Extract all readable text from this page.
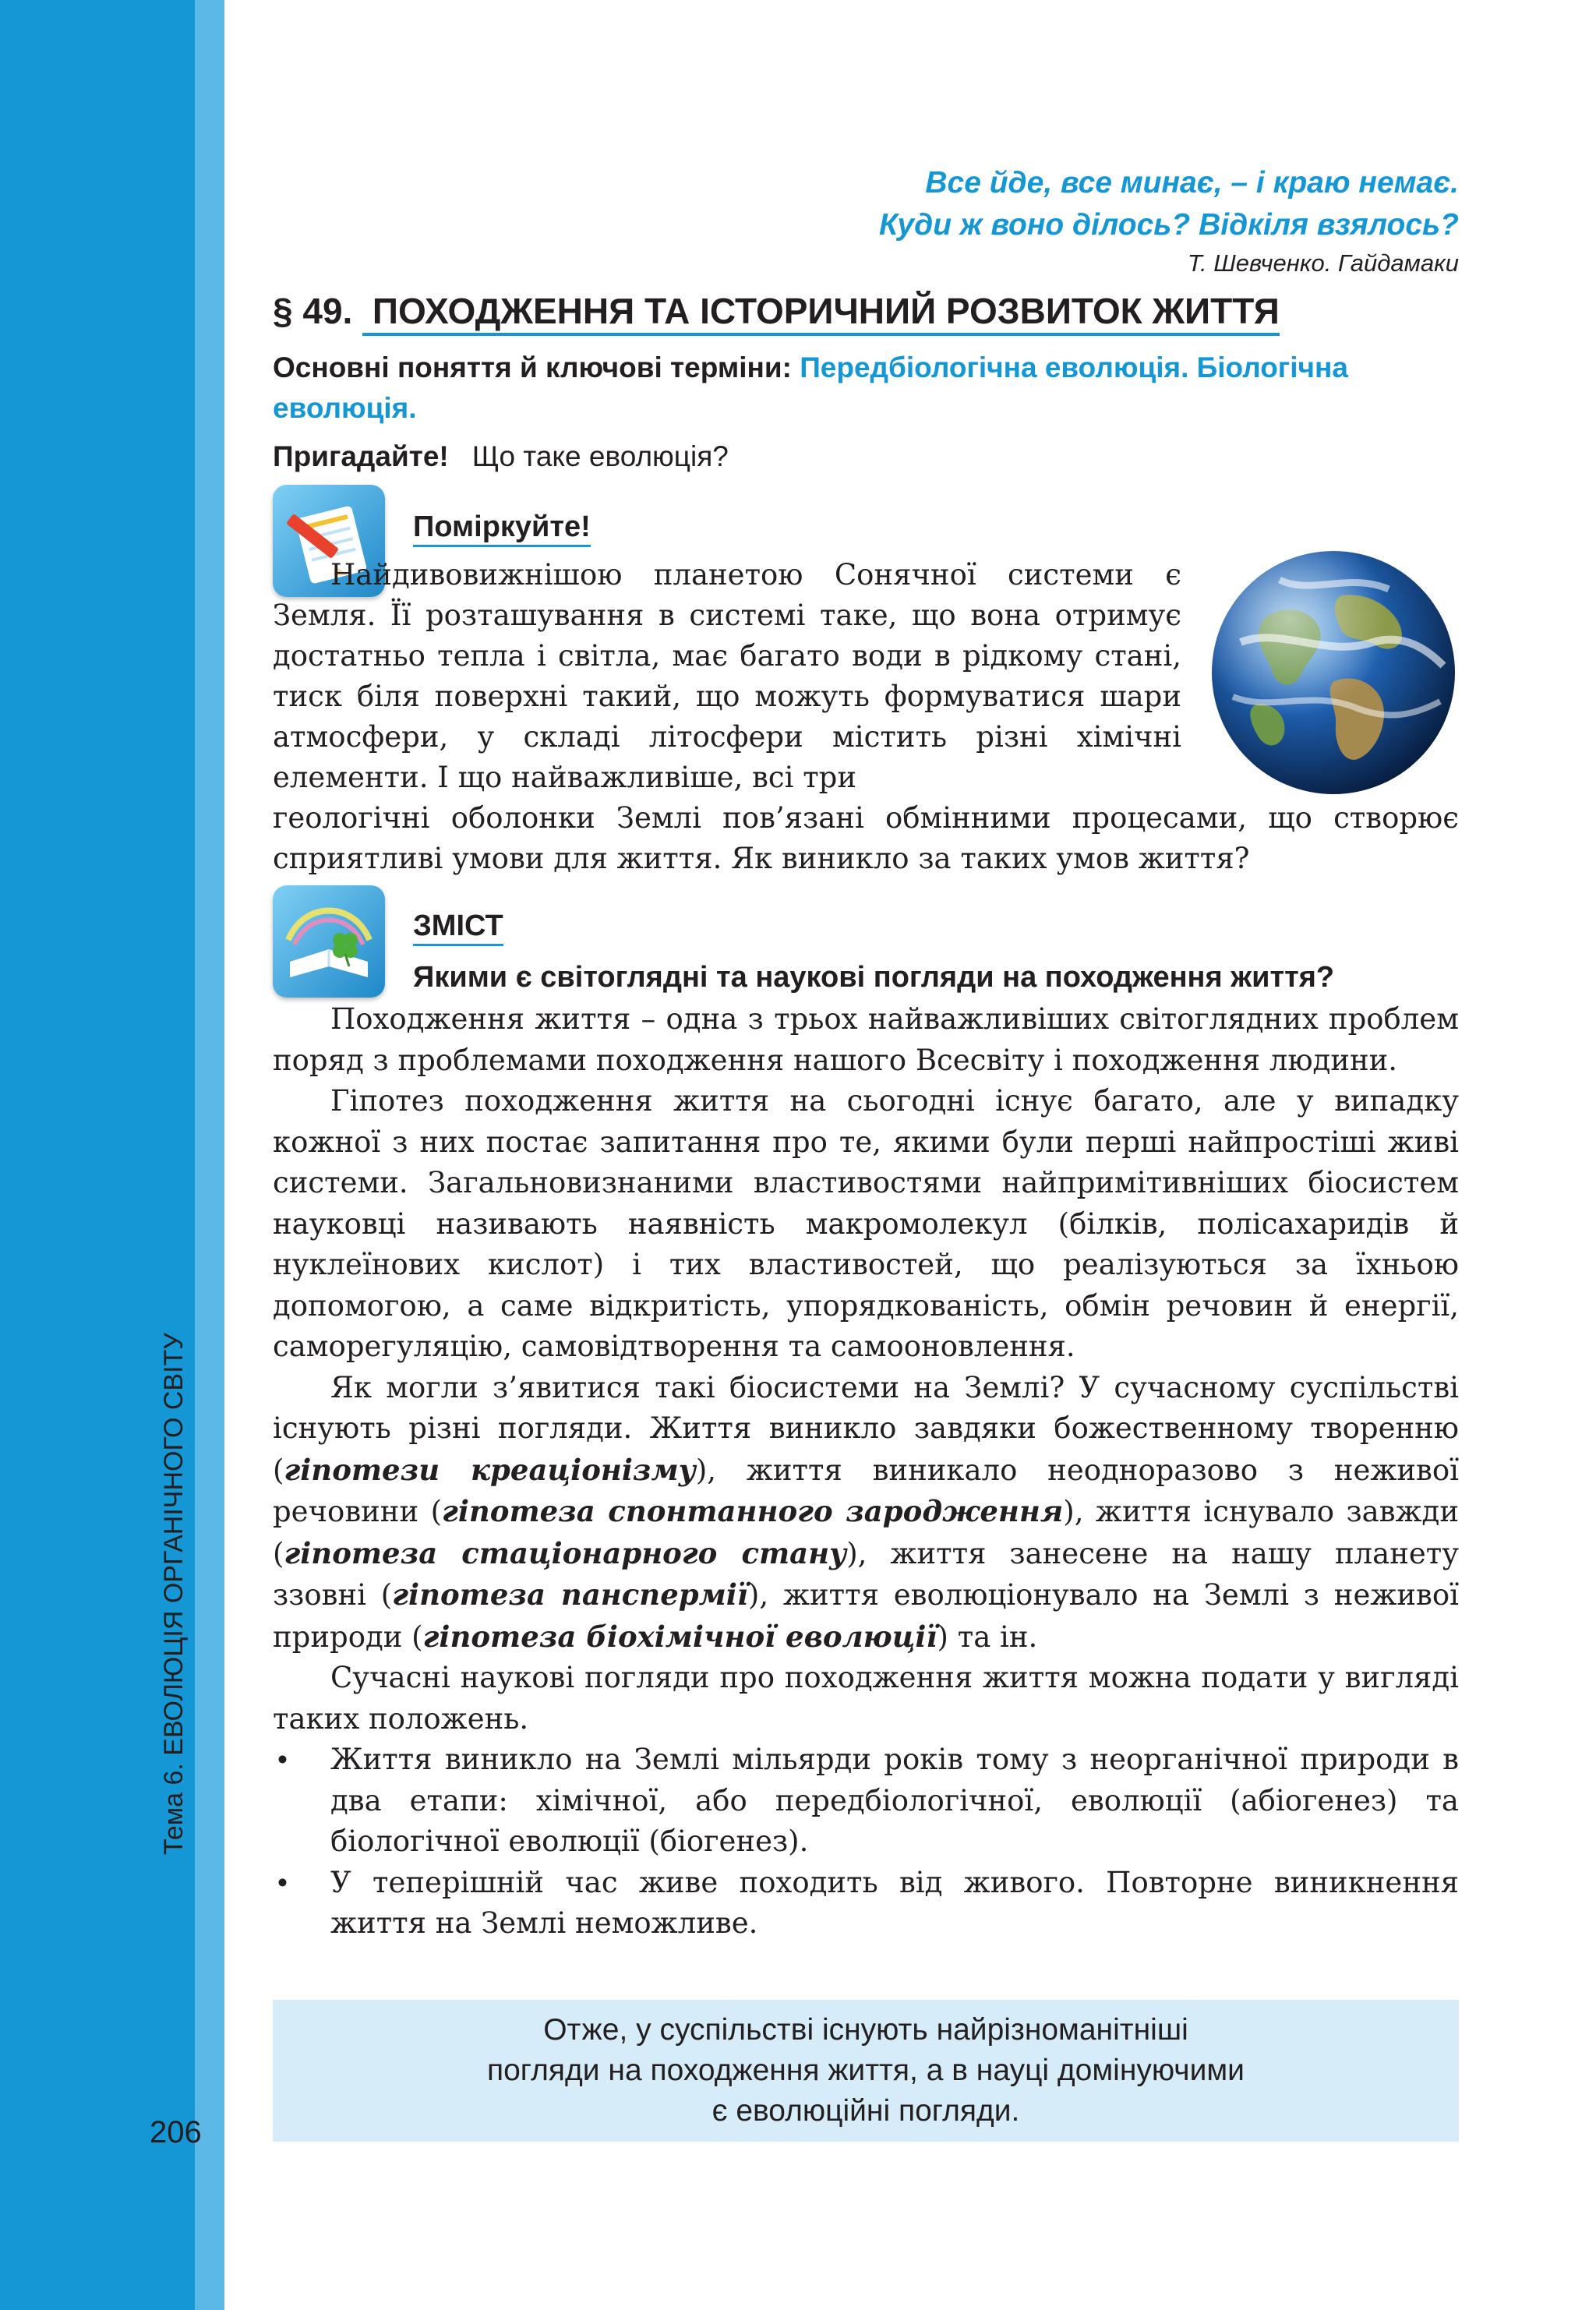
Тема 6. ЕВОЛЮЦІЯ ОРГАНІЧНОГО СВІТУ
206
Все йде, все минає, – і краю немає.
Куди ж воно ділось? Відкіля взялось?
Т. Шевченко. Гайдамаки
§ 49. ПОХОДЖЕННЯ ТА ІСТОРИЧНИЙ РОЗВИТОК ЖИТТЯ
Основні поняття й ключові терміни: Передбіологічна еволюція. Біологічна еволюція.
Пригадайте! Що таке еволюція?
Поміркуйте!
Найдивовижнішою планетою Сонячної системи є Земля. Її розташування в системі таке, що вона отримує достатньо тепла і світла, має багато води в рідкому стані, тиск біля поверхні такий, що можуть формуватися шари атмосфери, у складі літосфери містить різні хімічні елементи. І що найважливіше, всі три
геологічні оболонки Землі пов’язані обмінними процесами, що створює сприятливі умови для життя. Як виникло за таких умов життя?
ЗМІСТ
Якими є світоглядні та наукові погляди на походження життя?

Походження життя – одна з трьох найважливіших світоглядних проблем поряд з проблемами походження нашого Всесвіту і походження людини.

Гіпотез походження життя на сьогодні існує багато, але у випадку кожної з них постає запитання про те, якими були перші найпростіші живі системи. Загальновизнаними властивостями найпримітивніших біосистем науковці називають наявність макромолекул (білків, полісахаридів й нуклеїнових кислот) і тих властивостей, що реалізуються за їхньою допомогою, а саме відкритість, упорядкованість, обмін речовин й енергії, саморегуляцію, самовідтворення та самооновлення.

Як могли з’явитися такі біосистеми на Землі? У сучасному суспільстві існують різні погляди. Життя виникло завдяки божественному творенню (гіпотези креаціонізму), життя виникало неодноразово з неживої речовини (гіпотеза спонтанного зародження), життя існувало завжди (гіпотеза стаціонарного стану), життя занесене на нашу планету ззовні (гіпотеза панспермії), життя еволюціонувало на Землі з неживої природи (гіпотеза біохімічної еволюції) та ін.

Сучасні наукові погляди про походження життя можна подати у вигляді таких положень.

• Життя виникло на Землі мільярди років тому з неорганічної природи в два етапи: хімічної, або передбіологічної, еволюції (абіогенез) та біологічної еволюції (біогенез).
• У теперішній час живе походить від живого. Повторне виникнення життя на Землі неможливе.
Отже, у суспільстві існують найрізноманітніші
погляди на походження життя, а в науці домінуючими
є еволюційні погляди.
